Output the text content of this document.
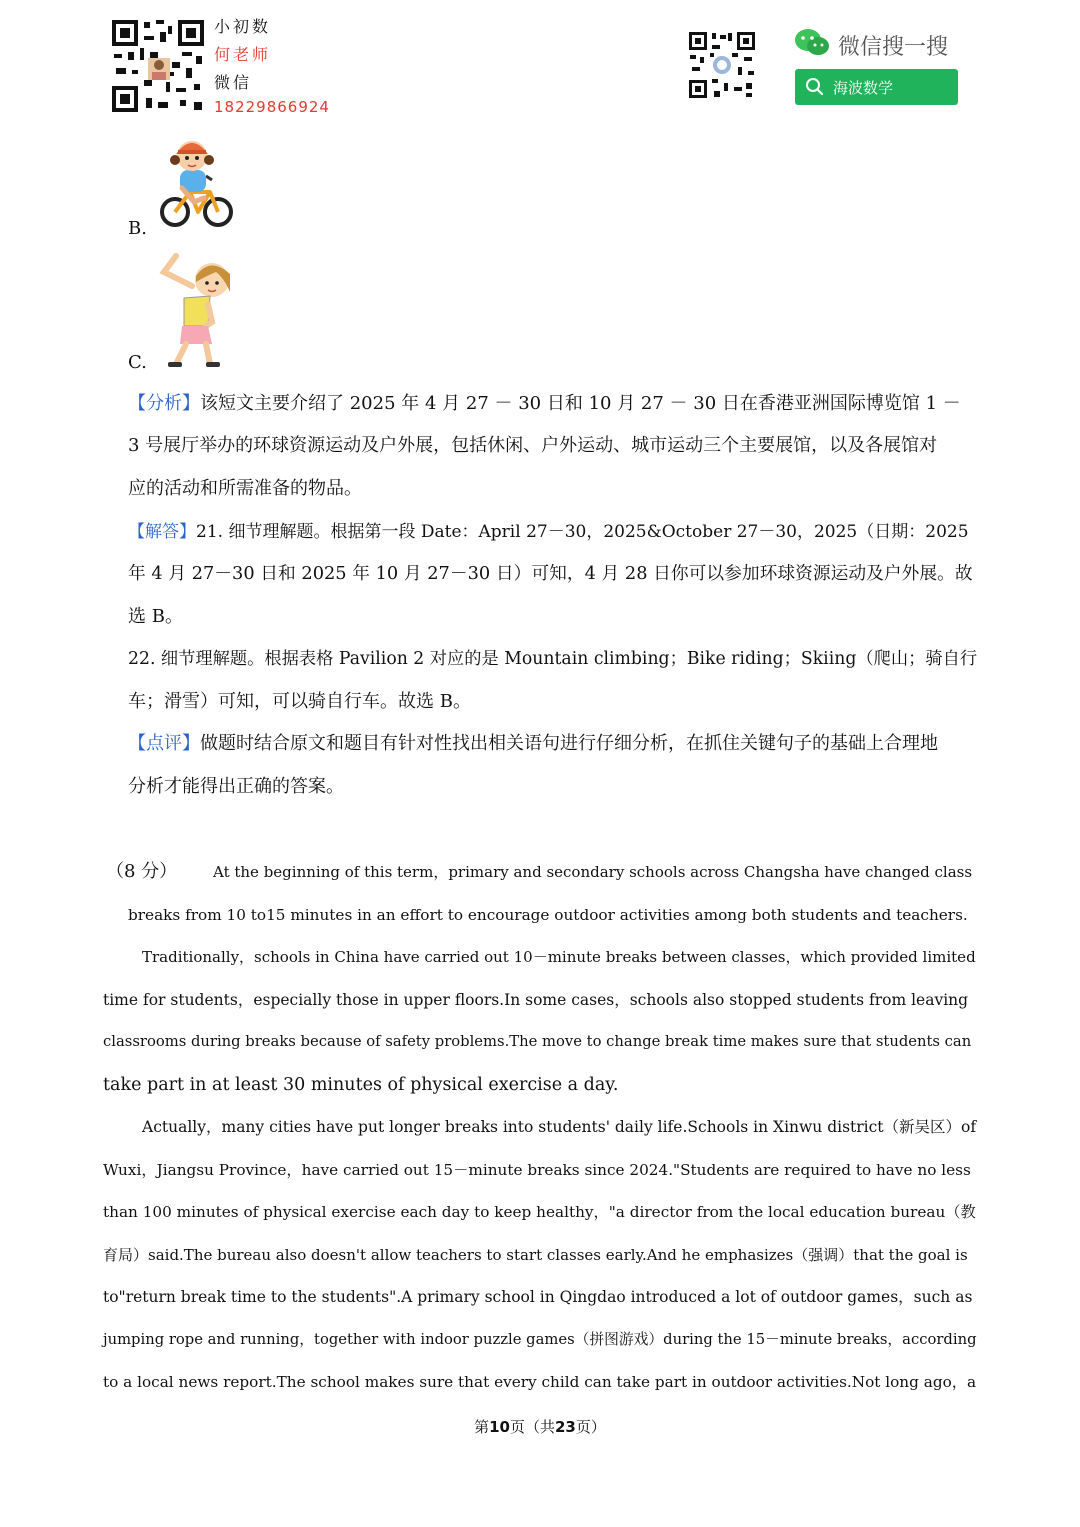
小初数
何老师
微信
18229866924
微信搜一搜
海波数学
B.
C.
【分析】该短文主要介绍了 2025 年 4 月 27 － 30 日和 10 月 27 － 30 日在香港亚洲国际博览馆 1 －
3 号展厅举办的环球资源运动及户外展，包括休闲、户外运动、城市运动三个主要展馆，以及各展馆对
应的活动和所需准备的物品。
【解答】21. 细节理解题。根据第一段 Date：April 27－30，2025&October 27－30，2025（日期：2025
年 4 月 27－30 日和 2025 年 10 月 27－30 日）可知，4 月 28 日你可以参加环球资源运动及户外展。故
选 B。
22. 细节理解题。根据表格 Pavilion 2 对应的是 Mountain climbing；Bike riding；Skiing（爬山；骑自行
车；滑雪）可知，可以骑自行车。故选 B。
【点评】做题时结合原文和题目有针对性找出相关语句进行仔细分析，在抓住关键句子的基础上合理地
分析才能得出正确的答案。
（8 分） At the beginning of this term，primary and secondary schools across Changsha have changed class
breaks from 10 to15 minutes in an effort to encourage outdoor activities among both students and teachers.
Traditionally，schools in China have carried out 10－minute breaks between classes，which provided limited
time for students，especially those in upper floors.In some cases，schools also stopped students from leaving
classrooms during breaks because of safety problems.The move to change break time makes sure that students can
take part in at least 30 minutes of physical exercise a day.
Actually，many cities have put longer breaks into students' daily life.Schools in Xinwu district（新吴区）of
Wuxi，Jiangsu Province，have carried out 15－minute breaks since 2024."Students are required to have no less
than 100 minutes of physical exercise each day to keep healthy，"a director from the local education bureau（教
育局）said.The bureau also doesn't allow teachers to start classes early.And he emphasizes（强调）that the goal is
to"return break time to the students".A primary school in Qingdao introduced a lot of outdoor games，such as
jumping rope and running，together with indoor puzzle games（拼图游戏）during the 15－minute breaks，according
to a local news report.The school makes sure that every child can take part in outdoor activities.Not long ago，a
第10页（共23页）
